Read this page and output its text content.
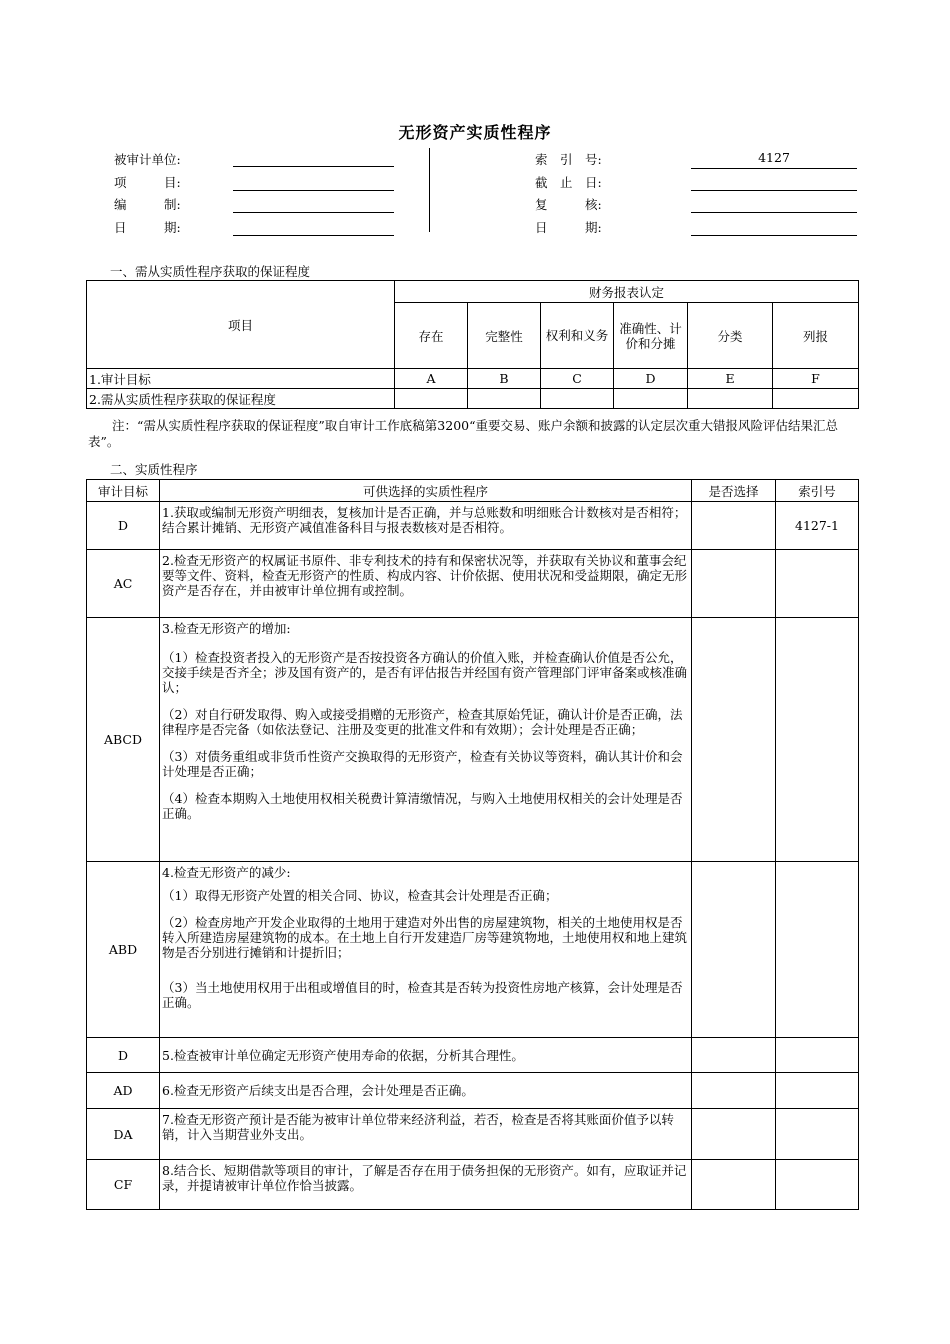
无形资产实质性程序
被审计单位:
项　　　目:
编　　　制:
日　　　期:
索　引　号:	4127
截　止　日:
复　　　核:
日　　　期:
一、需从实质性程序获取的保证程度
项目	财务报表认定					
	存在	完整性	权利和义务	准确性、计价和分摊	分类	列报
1.审计目标	A	B	C	D	E	F
2.需从实质性程序获取的保证程度						
注：“需从实质性程序获取的保证程度”取自审计工作底稿第3200“重要交易、账户余额和披露的认定层次重大错报风险评估结果汇总表”。
二、实质性程序
审计目标	可供选择的实质性程序	是否选择	索引号
D	1.获取或编制无形资产明细表，复核加计是否正确，并与总账数和明细账合计数核对是否相符；结合累计摊销、无形资产减值准备科目与报表数核对是否相符。		4127-1
AC	2.检查无形资产的权属证书原件、非专利技术的持有和保密状况等，并获取有关协议和董事会纪要等文件、资料，检查无形资产的性质、构成内容、计价依据、使用状况和受益期限，确定无形资产是否存在，并由被审计单位拥有或控制。		

ABCD	3.检查无形资产的增加:

（1）检查投资者投入的无形资产是否按投资各方确认的价值入账，并检查确认价值是否公允，交接手续是否齐全；涉及国有资产的，是否有评估报告并经国有资产管理部门评审备案或核准确认；

（2）对自行研发取得、购入或接受捐赠的无形资产，检查其原始凭证，确认计价是否正确，法律程序是否完备（如依法登记、注册及变更的批准文件和有效期）；会计处理是否正确；

（3）对债务重组或非货币性资产交换取得的无形资产，检查有关协议等资料，确认其计价和会计处理是否正确；

（4）检查本期购入土地使用权相关税费计算清缴情况，与购入土地使用权相关的会计处理是否正确。		

ABD	4.检查无形资产的减少:

（1）取得无形资产处置的相关合同、协议，检查其会计处理是否正确；

（2）检查房地产开发企业取得的土地用于建造对外出售的房屋建筑物，相关的土地使用权是否转入所建造房屋建筑物的成本。在土地上自行开发建造厂房等建筑物地，土地使用权和地上建筑物是否分别进行摊销和计提折旧；

（3）当土地使用权用于出租或增值目的时，检查其是否转为投资性房地产核算，会计处理是否正确。		

D	5.检查被审计单位确定无形资产使用寿命的依据，分析其合理性。		

AD	6.检查无形资产后续支出是否合理，会计处理是否正确。		

DA	7.检查无形资产预计是否能为被审计单位带来经济利益，若否，检查是否将其账面价值予以转销，计入当期营业外支出。		

CF	8.结合长、短期借款等项目的审计，了解是否存在用于债务担保的无形资产。如有，应取证并记录，并提请被审计单位作恰当披露。		
